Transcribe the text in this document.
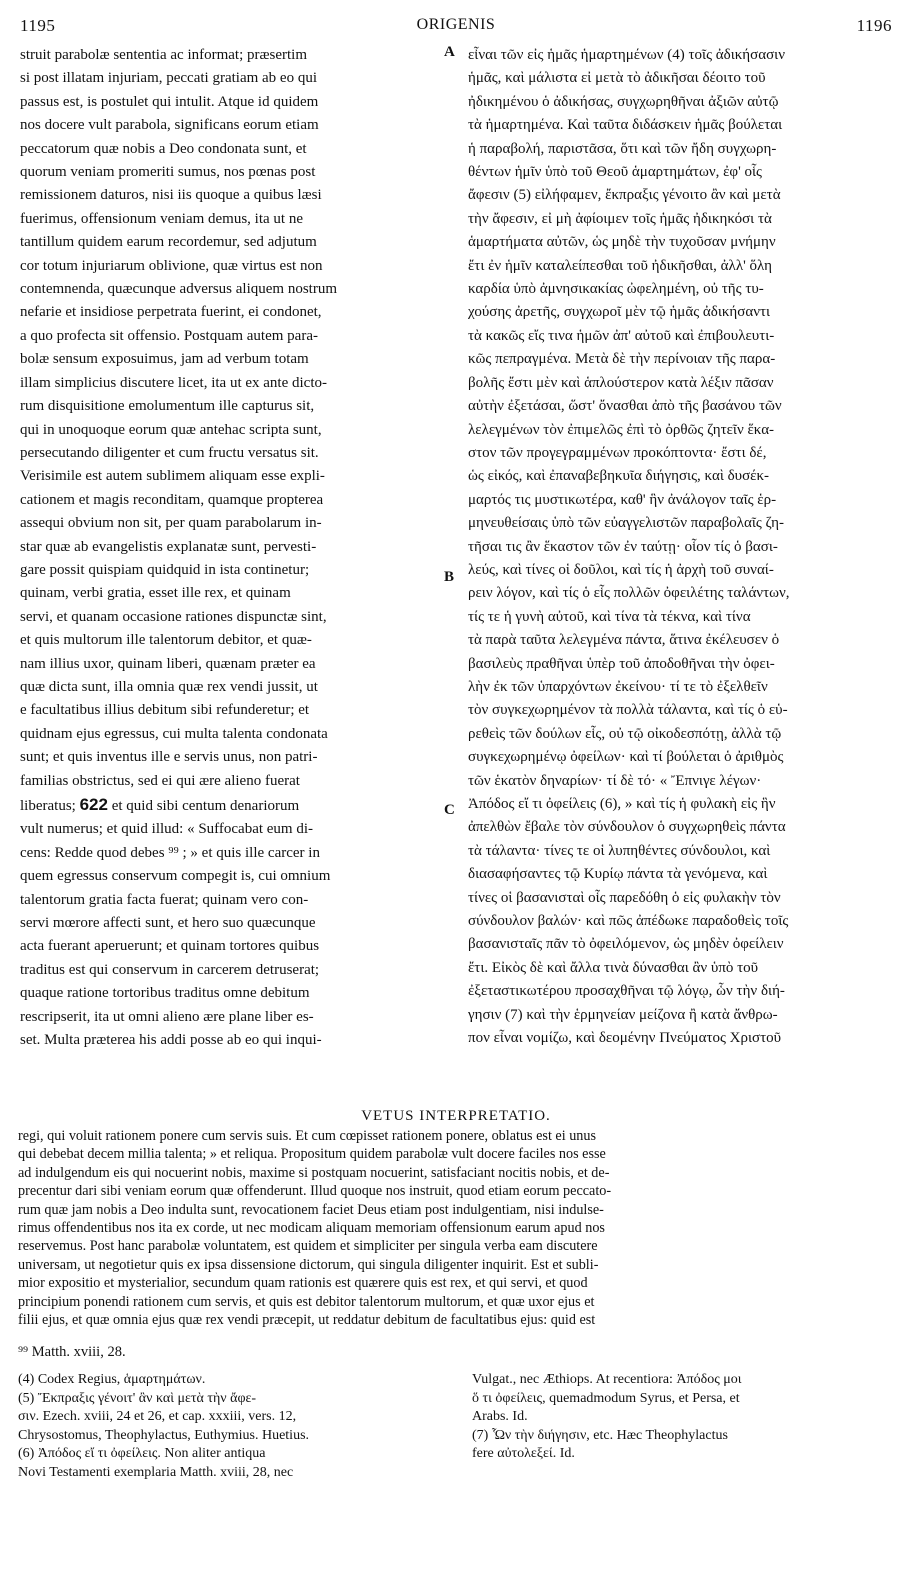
1195	ORIGENIS	1196
struit parabolæ sententia ac informat; præsertim
si post illatam injuriam, peccati gratiam ab eo qui
passus est, is postulet qui intulit. Atque id quidem
nos docere vult parabola, significans eorum etiam
peccatorum quæ nobis a Deo condonata sunt, et
quorum veniam promeriti sumus, nos pœnas post
remissionem daturos, nisi iis quoque a quibus læsi
fuerimus, offensionum veniam demus, ita ut ne
tantillum quidem earum recordemur, sed adjutum
cor totum injuriarum oblivione, quæ virtus est non
contemnenda, quæcunque adversus aliquem nostrum
nefarie et insidiose perpetrata fuerint, ei condonet,
a quo profecta sit offensio. Postquam autem para-
bolæ sensum exposuimus, jam ad verbum totam
illam simplicius discutere licet, ita ut ex ante dicto-
rum disquisitione emolumentum ille capturus sit,
qui in unoquoque eorum quæ antehac scripta sunt,
persecutando diligenter et cum fructu versatus sit.
Verisimile est autem sublimem aliquam esse expli-
cationem et magis reconditam, quamque propterea
assequi obvium non sit, per quam parabolarum in-
star quæ ab evangelistis explanatæ sunt, pervesti-
gare possit quispiam quidquid in ista continetur;
quinam, verbi gratia, esset ille rex, et quinam
servi, et quanam occasione rationes dispunctæ sint,
et quis multorum ille talentorum debitor, et quæ-
nam illius uxor, quinam liberi, quænam præter ea
quæ dicta sunt, illa omnia quæ rex vendi jussit, ut
e facultatibus illius debitum sibi refunderetur; et
quidnam ejus egressus, cui multa talenta condonata
sunt; et quis inventus ille e servis unus, non patri-
familias obstrictus, sed ei qui ære alieno fuerat
liberatus; 622 et quid sibi centum denariorum
vult numerus; et quid illud: « Suffocabat eum di-
cens: Redde quod debes ⁹⁹ ; » et quis ille carcer in
quem egressus conservum compegit is, cui omnium
talentorum gratia facta fuerat; quinam vero con-
servi mœrore affecti sunt, et hero suo quæcunque
acta fuerant aperuerunt; et quinam tortores quibus
traditus est qui conservum in carcerem detruserat;
quaque ratione tortoribus traditus omne debitum
rescripserit, ita ut omni alieno ære plane liber es-
set. Multa præterea his addi posse ab eo qui inqui-
A
B
C
εἶναι τῶν εἰς ἡμᾶς ἡμαρτημένων (4) τοῖς ἀδικήσασιν
ἡμᾶς, καὶ μάλιστα εἰ μετὰ τὸ ἀδικῆσαι δέοιτο τοῦ
ἠδικημένου ὁ ἀδικήσας, συγχωρηθῆναι ἀξιῶν αὐτῷ
τὰ ἡμαρτημένα. Καὶ ταῦτα διδάσκειν ἡμᾶς βούλεται
ἡ παραβολή, παριστᾶσα, ὅτι καὶ τῶν ἤδη συγχωρη-
θέντων ἡμῖν ὑπὸ τοῦ Θεοῦ ἁμαρτημάτων, ἐφ' οἷς
ἄφεσιν (5) εἰλήφαμεν, ἔκπραξις γένοιτο ἂν καὶ μετὰ
τὴν ἄφεσιν, εἰ μὴ ἀφίοιμεν τοῖς ἡμᾶς ἠδικηκόσι τὰ
ἁμαρτήματα αὐτῶν, ὡς μηδὲ τὴν τυχοῦσαν μνήμην
ἔτι ἐν ἡμῖν καταλείπεσθαι τοῦ ἠδικῆσθαι, ἀλλ' ὅλη
καρδία ὑπὸ ἀμνησικακίας ὠφελημένη, οὐ τῆς τυ-
χούσης ἀρετῆς, συγχωροῖ μὲν τῷ ἡμᾶς ἀδικήσαντι
τὰ κακῶς εἴς τινα ἡμῶν ἀπ' αὐτοῦ καὶ ἐπιβουλευτι-
κῶς πεπραγμένα. Μετὰ δὲ τὴν περίνοιαν τῆς παρα-
βολῆς ἔστι μὲν καὶ ἁπλούστερον κατὰ λέξιν πᾶσαν
αὐτὴν ἐξετάσαι, ὥστ' ὄνασθαι ἀπὸ τῆς βασάνου τῶν
λελεγμένων τὸν ἐπιμελῶς ἐπὶ τὸ ὀρθῶς ζητεῖν ἕκα-
στον τῶν προγεγραμμένων προκόπτοντα· ἔστι δέ,
ὡς εἰκός, καὶ ἐπαναβεβηκυῖα διήγησις, καὶ δυσέκ-
μαρτός τις μυστικωτέρα, καθ' ἣν ἀνάλογον ταῖς ἑρ-
μηνευθείσαις ὑπὸ τῶν εὐαγγελιστῶν παραβολαῖς ζη-
τῆσαι τις ἂν ἕκαστον τῶν ἐν ταύτῃ· οἷον τίς ὁ βασι-
λεύς, καὶ τίνες οἱ δοῦλοι, καὶ τίς ἡ ἀρχὴ τοῦ συναί-
ρειν λόγον, καὶ τίς ὁ εἷς πολλῶν ὀφειλέτης ταλάντων,
τίς τε ἡ γυνὴ αὐτοῦ, καὶ τίνα τὰ τέκνα, καὶ τίνα
τὰ παρὰ ταῦτα λελεγμένα πάντα, ἅτινα ἐκέλευσεν ὁ
βασιλεὺς πραθῆναι ὑπὲρ τοῦ ἀποδοθῆναι τὴν ὀφει-
λὴν ἐκ τῶν ὑπαρχόντων ἐκείνου· τί τε τὸ ἐξελθεῖν
τὸν συγκεχωρημένον τὰ πολλὰ τάλαντα, καὶ τίς ὁ εὑ-
ρεθεὶς τῶν δούλων εἷς, οὐ τῷ οἰκοδεσπότῃ, ἀλλὰ τῷ
συγκεχωρημένῳ ὀφείλων· καὶ τί βούλεται ὁ ἀριθμὸς
τῶν ἑκατὸν δηναρίων· τί δὲ τό· « Ἔπνιγε λέγων·
Ἀπόδος εἴ τι ὀφείλεις (6), » καὶ τίς ἡ φυλακὴ εἰς ἣν
ἀπελθὼν ἔβαλε τὸν σύνδουλον ὁ συγχωρηθεὶς πάντα
τὰ τάλαντα· τίνες τε οἱ λυπηθέντες σύνδουλοι, καὶ
διασαφήσαντες τῷ Κυρίῳ πάντα τὰ γενόμενα, καὶ
τίνες οἱ βασανισταὶ οἷς παρεδόθη ὁ εἰς φυλακὴν τὸν
σύνδουλον βαλών· καὶ πῶς ἀπέδωκε παραδοθεὶς τοῖς
βασανισταῖς πᾶν τὸ ὀφειλόμενον, ὡς μηδὲν ὀφείλειν
ἔτι. Εἰκὸς δὲ καὶ ἄλλα τινὰ δύνασθαι ἂν ὑπὸ τοῦ
ἐξεταστικωτέρου προσαχθῆναι τῷ λόγῳ, ὧν τὴν διή-
γησιν (7) καὶ τὴν ἑρμηνείαν μείζονα ἢ κατὰ ἄνθρω-
πον εἶναι νομίζω, καὶ δεομένην Πνεύματος Χριστοῦ
VETUS INTERPRETATIO.
regi, qui voluit rationem ponere cum servis suis. Et cum cœpisset rationem ponere, oblatus est ei unus
qui debebat decem millia talenta; » et reliqua. Propositum quidem parabolæ vult docere faciles nos esse
ad indulgendum eis qui nocuerint nobis, maxime si postquam nocuerint, satisfaciant nocitis nobis, et de-
precentur dari sibi veniam eorum quæ offenderunt. Illud quoque nos instruit, quod etiam eorum peccato-
rum quæ jam nobis a Deo indulta sunt, revocationem faciet Deus etiam post indulgentiam, nisi indulse-
rimus offendentibus nos ita ex corde, ut nec modicam aliquam memoriam offensionum earum apud nos
reservemus. Post hanc parabolæ voluntatem, est quidem et simpliciter per singula verba eam discutere
universam, ut negotietur quis ex ipsa dissensione dictorum, qui singula diligenter inquirit. Est et subli-
mior expositio et mysterialior, secundum quam rationis est quærere quis est rex, et qui servi, et quod
principium ponendi rationem cum servis, et quis est debitor talentorum multorum, et quæ uxor ejus et
filii ejus, et quæ omnia ejus quæ rex vendi præcepit, ut reddatur debitum de facultatibus ejus: quid est
⁹⁹ Matth. xviii, 28.
(4) Codex Regius, ἁμαρτημάτων.
(5) Ἔκπραξις γένοιτ' ἂν καὶ μετὰ τὴν ἄφε-
σιν. Ezech. xviii, 24 et 26, et cap. xxxiii, vers. 12,
Chrysostomus, Theophylactus, Euthymius. Huetius.
(6) Ἀπόδος εἴ τι ὀφείλεις. Non aliter antiqua
Novi Testamenti exemplaria Matth. xviii, 28, nec
Vulgat., nec Æthiops. At recentiora: Ἀπόδος μοι
ὅ τι ὀφείλεις, quemadmodum Syrus, et Persa, et
Arabs. Id.
(7) Ὧν τὴν διήγησιν, etc. Hæc Theophylactus
fere αὐτολεξεί. Id.
